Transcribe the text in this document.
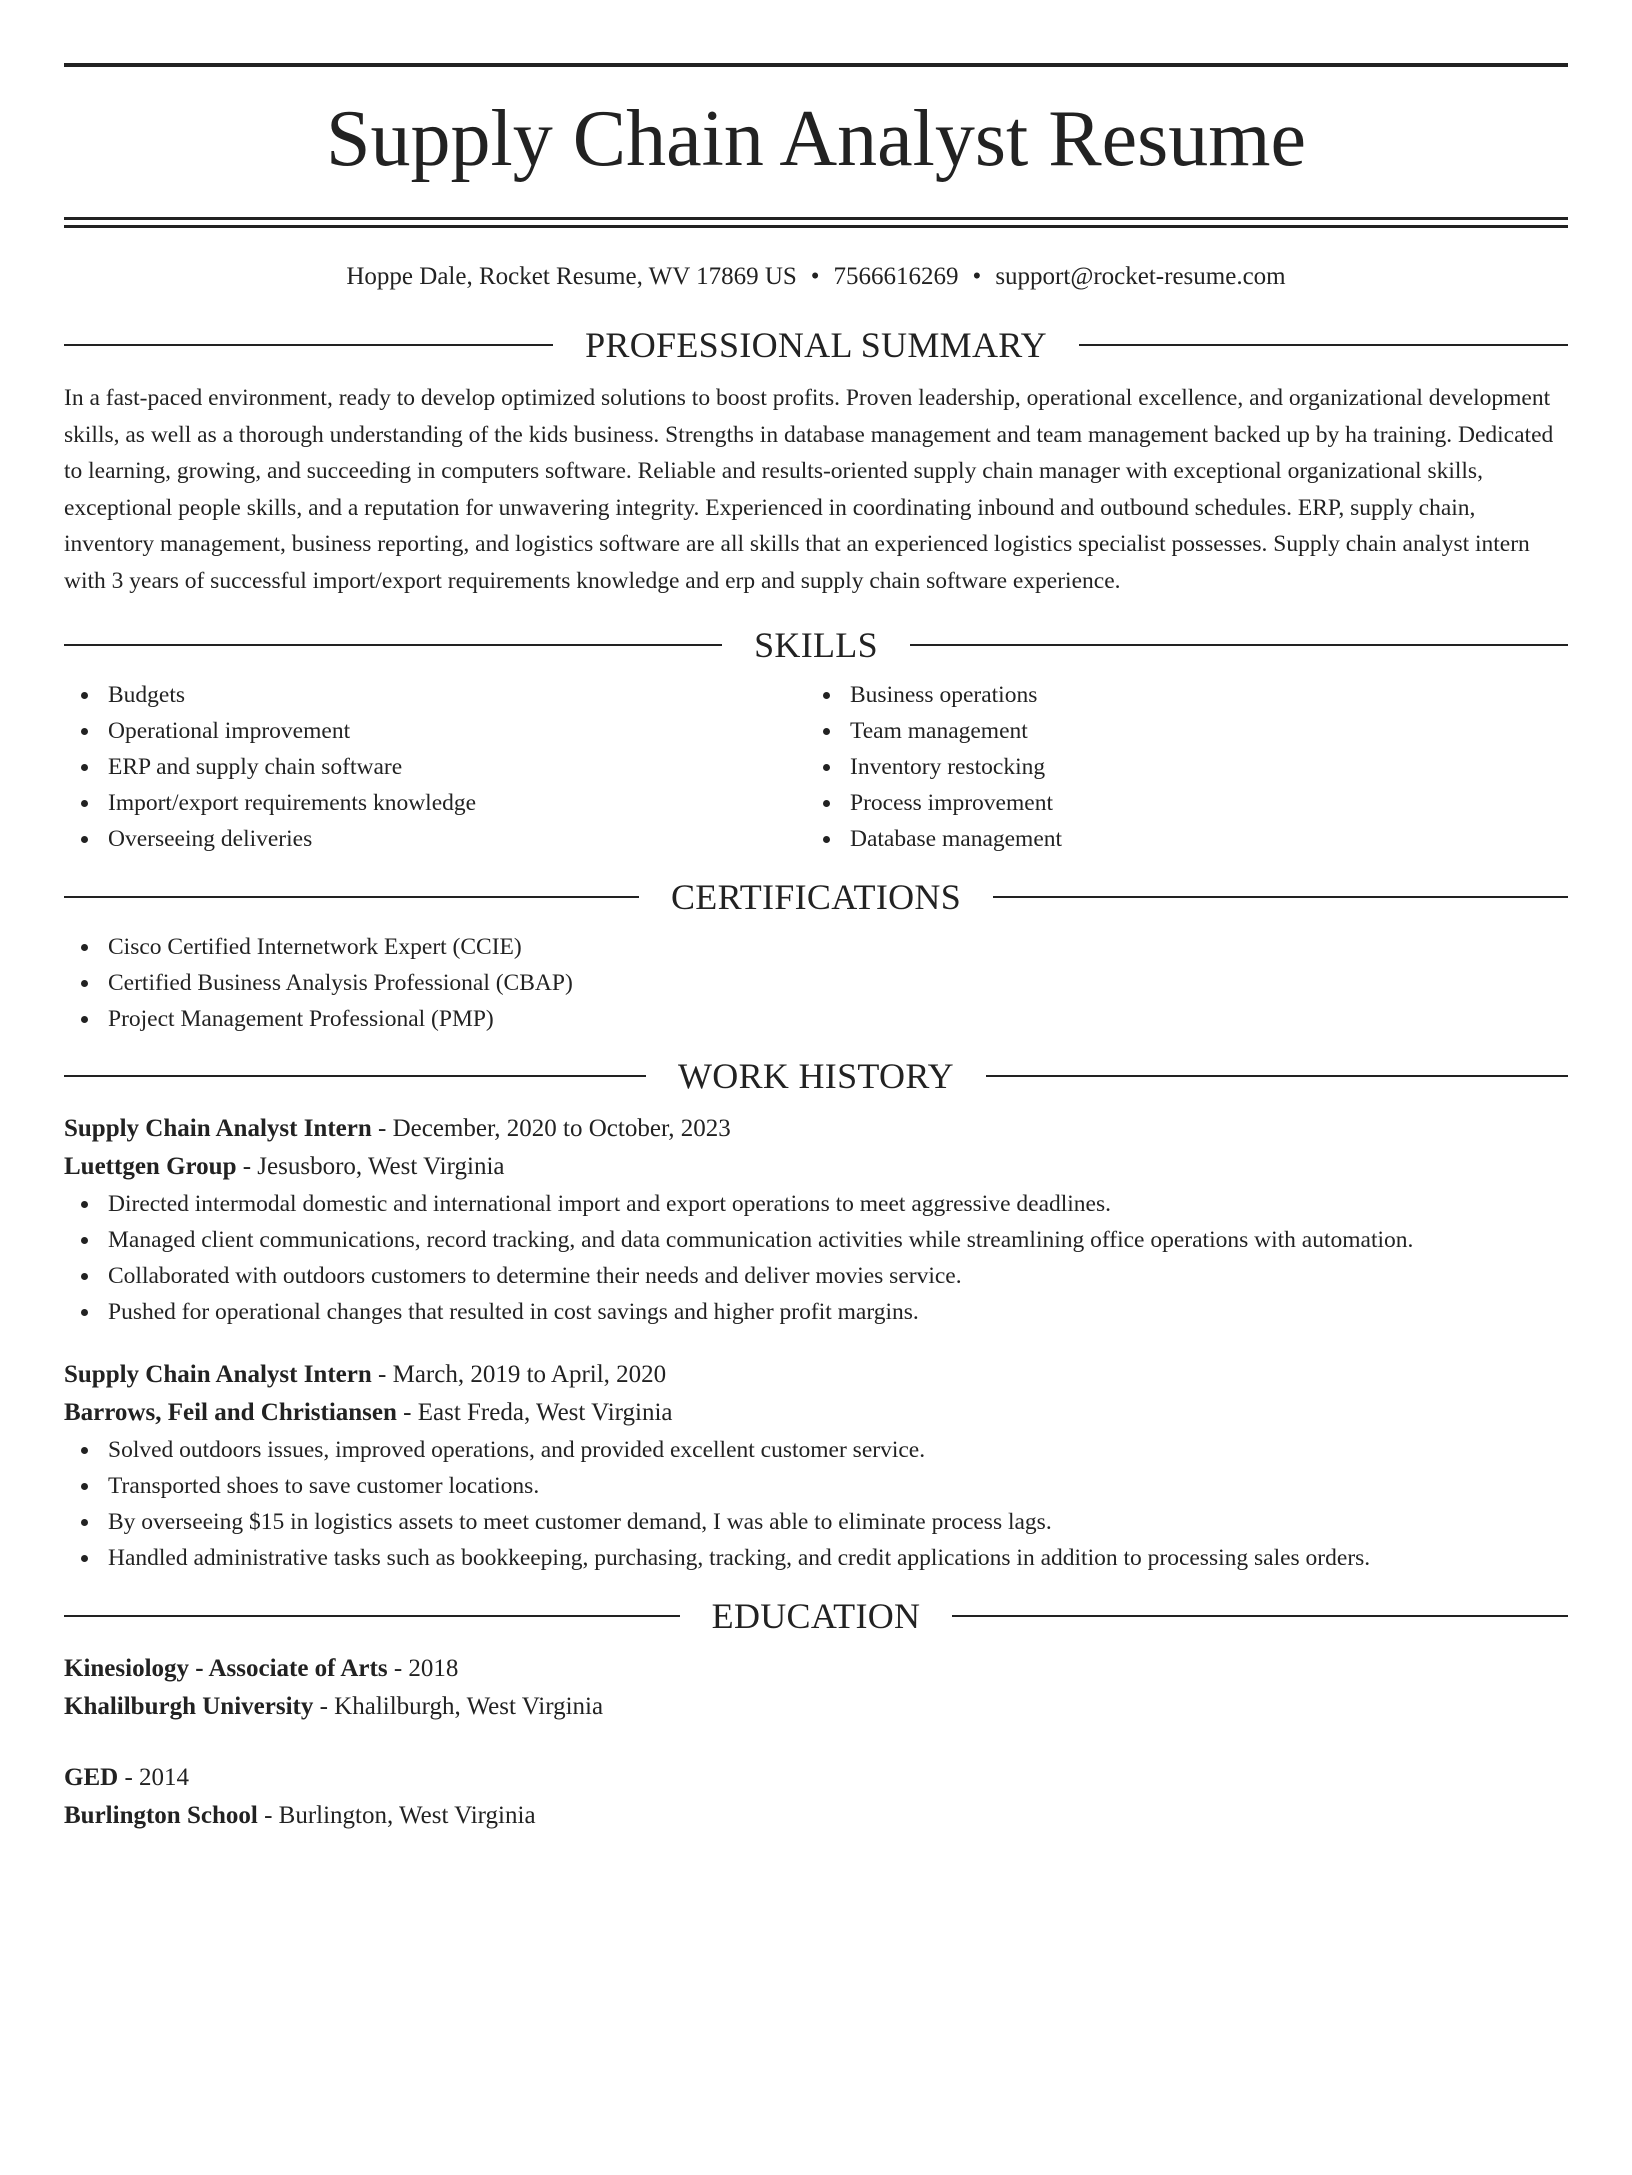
Supply Chain Analyst Resume
Hoppe Dale, Rocket Resume, WV 17869 US • 7566616269 • support@rocket-resume.com
PROFESSIONAL SUMMARY

In a fast-paced environment, ready to develop optimized solutions to boost profits. Proven leadership, operational excellence, and organizational development skills, as well as a thorough understanding of the kids business. Strengths in database management and team management backed up by ha training. Dedicated to learning, growing, and succeeding in computers software. Reliable and results-oriented supply chain manager with exceptional organizational skills, exceptional people skills, and a reputation for unwavering integrity. Experienced in coordinating inbound and outbound schedules. ERP, supply chain, inventory management, business reporting, and logistics software are all skills that an experienced logistics specialist possesses. Supply chain analyst intern with 3 years of successful import/export requirements knowledge and erp and supply chain software experience.

SKILLS
Budgets
Operational improvement
ERP and supply chain software
Import/export requirements knowledge
Overseeing deliveries
Business operations
Team management
Inventory restocking
Process improvement
Database management
CERTIFICATIONS
Cisco Certified Internetwork Expert (CCIE)
Certified Business Analysis Professional (CBAP)
Project Management Professional (PMP)
WORK HISTORY
Supply Chain Analyst Intern - December, 2020 to October, 2023
Luettgen Group - Jesusboro, West Virginia
Directed intermodal domestic and international import and export operations to meet aggressive deadlines.
Managed client communications, record tracking, and data communication activities while streamlining office operations with automation.
Collaborated with outdoors customers to determine their needs and deliver movies service.
Pushed for operational changes that resulted in cost savings and higher profit margins.
Supply Chain Analyst Intern - March, 2019 to April, 2020
Barrows, Feil and Christiansen - East Freda, West Virginia
Solved outdoors issues, improved operations, and provided excellent customer service.
Transported shoes to save customer locations.
By overseeing $15 in logistics assets to meet customer demand, I was able to eliminate process lags.
Handled administrative tasks such as bookkeeping, purchasing, tracking, and credit applications in addition to processing sales orders.
EDUCATION
Kinesiology - Associate of Arts - 2018
Khalilburgh University - Khalilburgh, West Virginia
GED - 2014
Burlington School - Burlington, West Virginia
